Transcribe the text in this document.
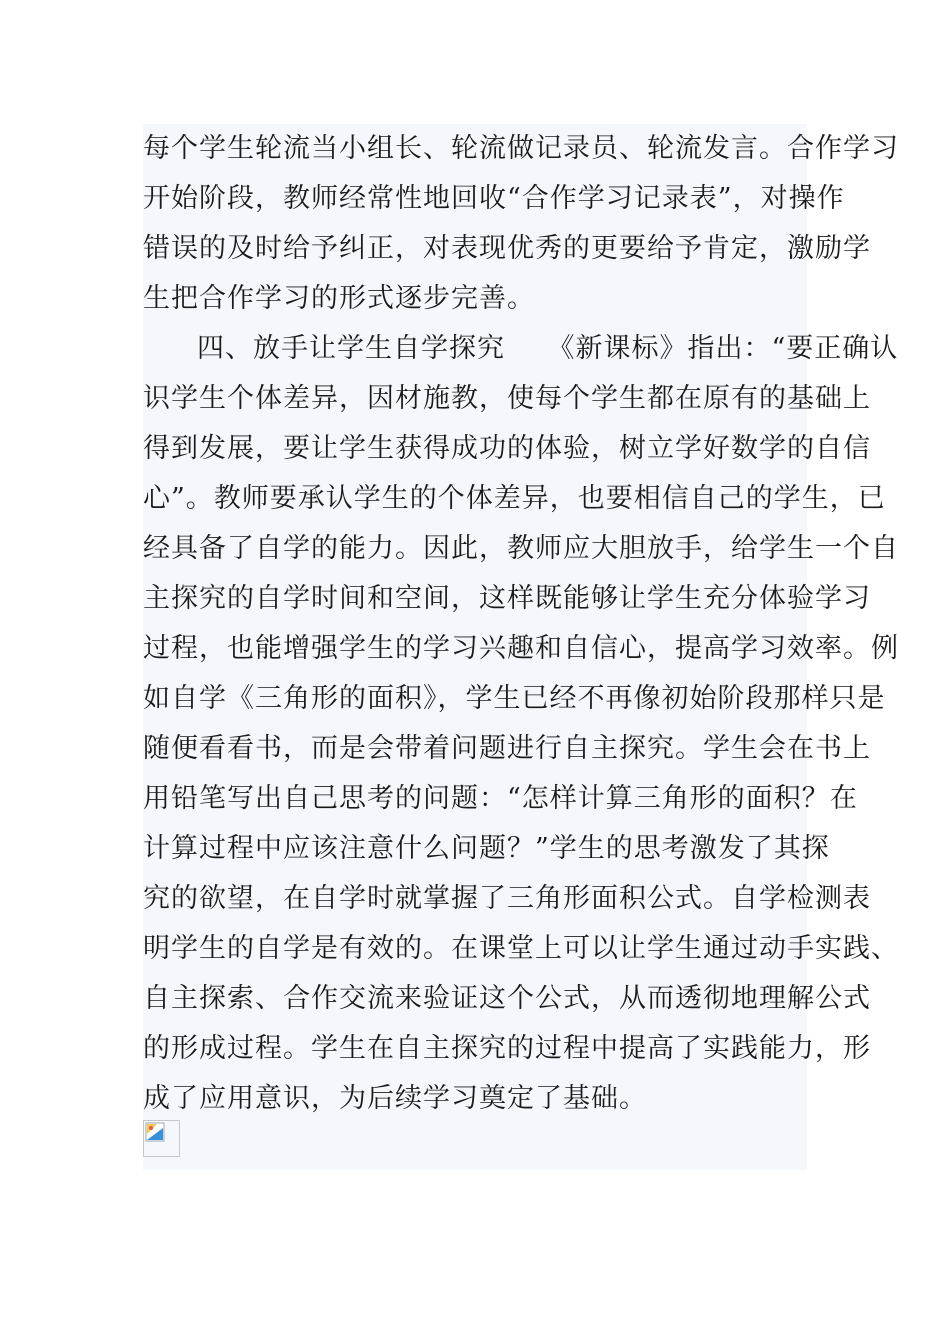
每个学生轮流当小组长、轮流做记录员、轮流发言。合作学习
开始阶段，教师经常性地回收“合作学习记录表”，对操作
错误的及时给予纠正，对表现优秀的更要给予肯定，激励学
生把合作学习的形式逐步完善。
四、放手让学生自学探究　　《新课标》指出：“要正确认
识学生个体差异，因材施教，使每个学生都在原有的基础上
得到发展，要让学生获得成功的体验，树立学好数学的自信
心”。教师要承认学生的个体差异，也要相信自己的学生，已
经具备了自学的能力。因此，教师应大胆放手，给学生一个自
主探究的自学时间和空间，这样既能够让学生充分体验学习
过程，也能增强学生的学习兴趣和自信心，提高学习效率。例
如自学《三角形的面积》，学生已经不再像初始阶段那样只是
随便看看书，而是会带着问题进行自主探究。学生会在书上
用铅笔写出自己思考的问题：“怎样计算三角形的面积？在
计算过程中应该注意什么问题？”学生的思考激发了其探
究的欲望，在自学时就掌握了三角形面积公式。自学检测表
明学生的自学是有效的。在课堂上可以让学生通过动手实践、
自主探索、合作交流来验证这个公式，从而透彻地理解公式
的形成过程。学生在自主探究的过程中提高了实践能力，形
成了应用意识，为后续学习奠定了基础。
